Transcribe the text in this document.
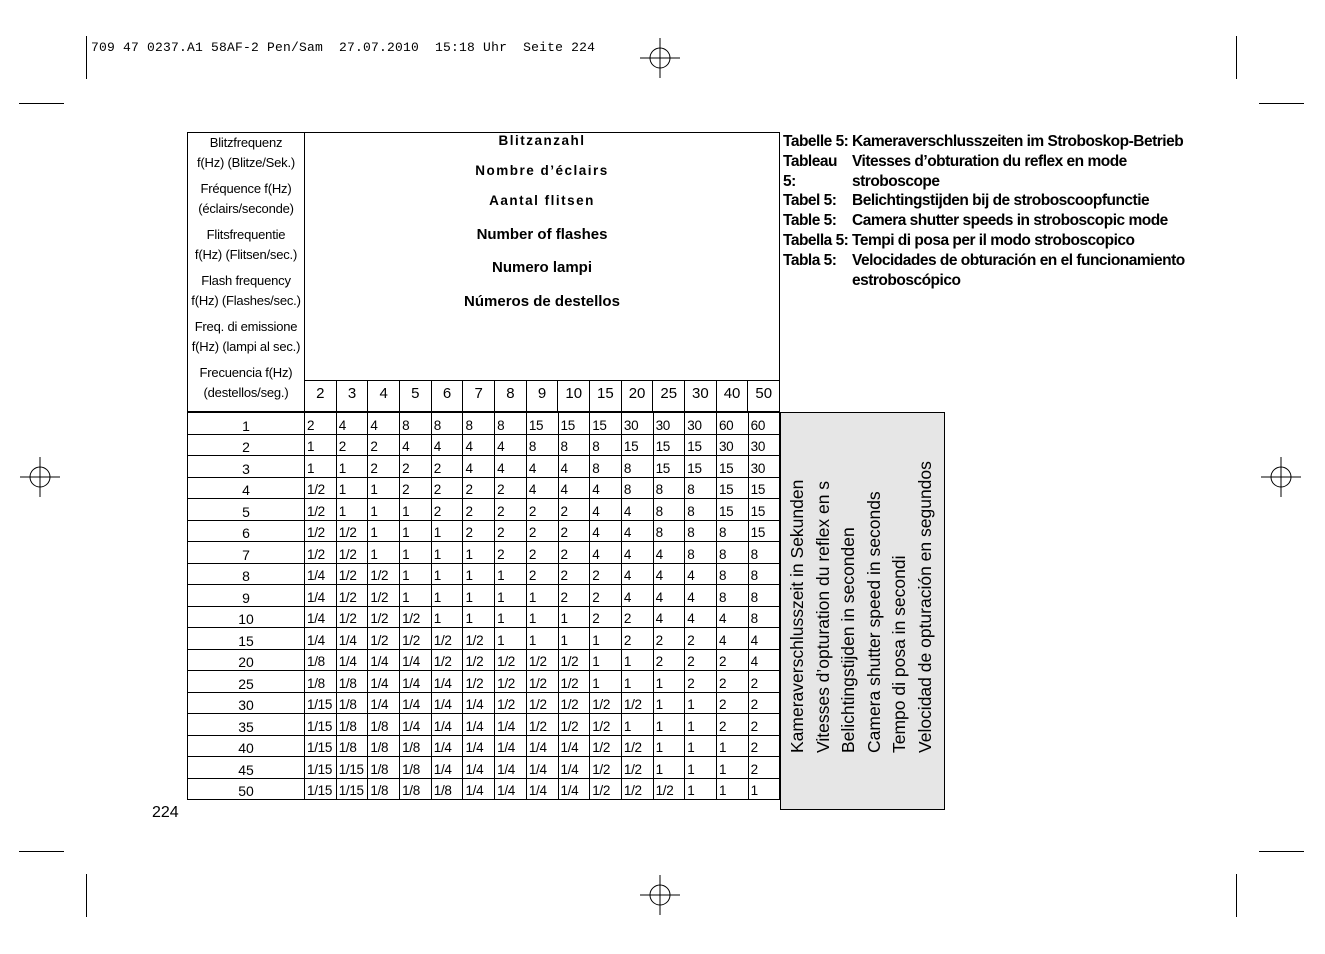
709 47 0237.A1 58AF-2 Pen/Sam  27.07.2010  15:18 Uhr  Seite 224
Blitzfrequenz
f(Hz) (Blitze/Sek.)
Fréquence f(Hz)
(éclairs/seconde)
Flitsfrequentie
f(Hz) (Flitsen/sec.)
Flash frequency
f(Hz) (Flashes/sec.)
Freq. di emissione
f(Hz) (lampi al sec.)
Frecuencia f(Hz)
(destellos/seg.)
Blitzanzahl
Nombre d’éclairs
Aantal flitsen
Number of flashes
Numero lampi
Números de destellos
2	3	4	5	6	7	8	9	10 15 20 25 30 40 50
1	2	4	4	8	8	8	8	15	15	15	30	30	30	60	60
2	1	2	2	4	4	4	4	8	8	8	15	15	15	30	30
3	1	1	2	2	2	4	4	4	4	8	8	15	15	15	30
4	1/2	1	1	2	2	2	2	4	4	4	8	8	8	15	15
5	1/2	1	1	1	2	2	2	2	2	4	4	8	8	15	15
6	1/2	1/2	1	1	1	2	2	2	2	4	4	8	8	8	15
7	1/2	1/2	1	1	1	1	2	2	2	4	4	4	8	8	8
8	1/4	1/2	1/2	1	1	1	1	2	2	2	4	4	4	8	8
9	1/4	1/2	1/2	1	1	1	1	1	2	2	4	4	4	8	8
10	1/4	1/2	1/2	1/2	1	1	1	1	1	2	2	4	4	4	8
15	1/4	1/4	1/2	1/2	1/2	1/2	1	1	1	1	2	2	2	4	4
20	1/8	1/4	1/4	1/4	1/2	1/2	1/2	1/2	1/2	1	1	2	2	2	4
25	1/8	1/8	1/4	1/4	1/4	1/2	1/2	1/2	1/2	1	1	1	2	2	2
30	1/15	1/8	1/4	1/4	1/4	1/4	1/2	1/2	1/2	1/2	1/2	1	1	2	2
35	1/15	1/8	1/8	1/4	1/4	1/4	1/4	1/2	1/2	1/2	1	1	1	2	2
40	1/15	1/8	1/8	1/8	1/4	1/4	1/4	1/4	1/4	1/2	1/2	1	1	1	2
45	1/15	1/15	1/8	1/8	1/4	1/4	1/4	1/4	1/4	1/2	1/2	1	1	1	2
50	1/15	1/15	1/8	1/8	1/8	1/4	1/4	1/4	1/4	1/2	1/2	1/2	1	1	1
Kameraverschlusszeit in Sekunden Vitesses d’opturation du reflex en s Belichtingstijden in seconden Camera shutter speed in seconds Tempo di posa in secondi Velocidad de opturación en segundos
Tabelle 5: Kameraverschlusszeiten im Stroboskop-Betrieb
Tableau 5:
Vitesses d’obturation du reflex en mode stroboscope
Tabel 5:	Belichtingstijden bij de stroboscoopfunctie
Table 5:	Camera shutter speeds in stroboscopic mode
Tabella 5: Tempi di posa per il modo stroboscopico
Tabla 5:	Velocidades de obturación en el funcionamiento
estroboscópico
224
